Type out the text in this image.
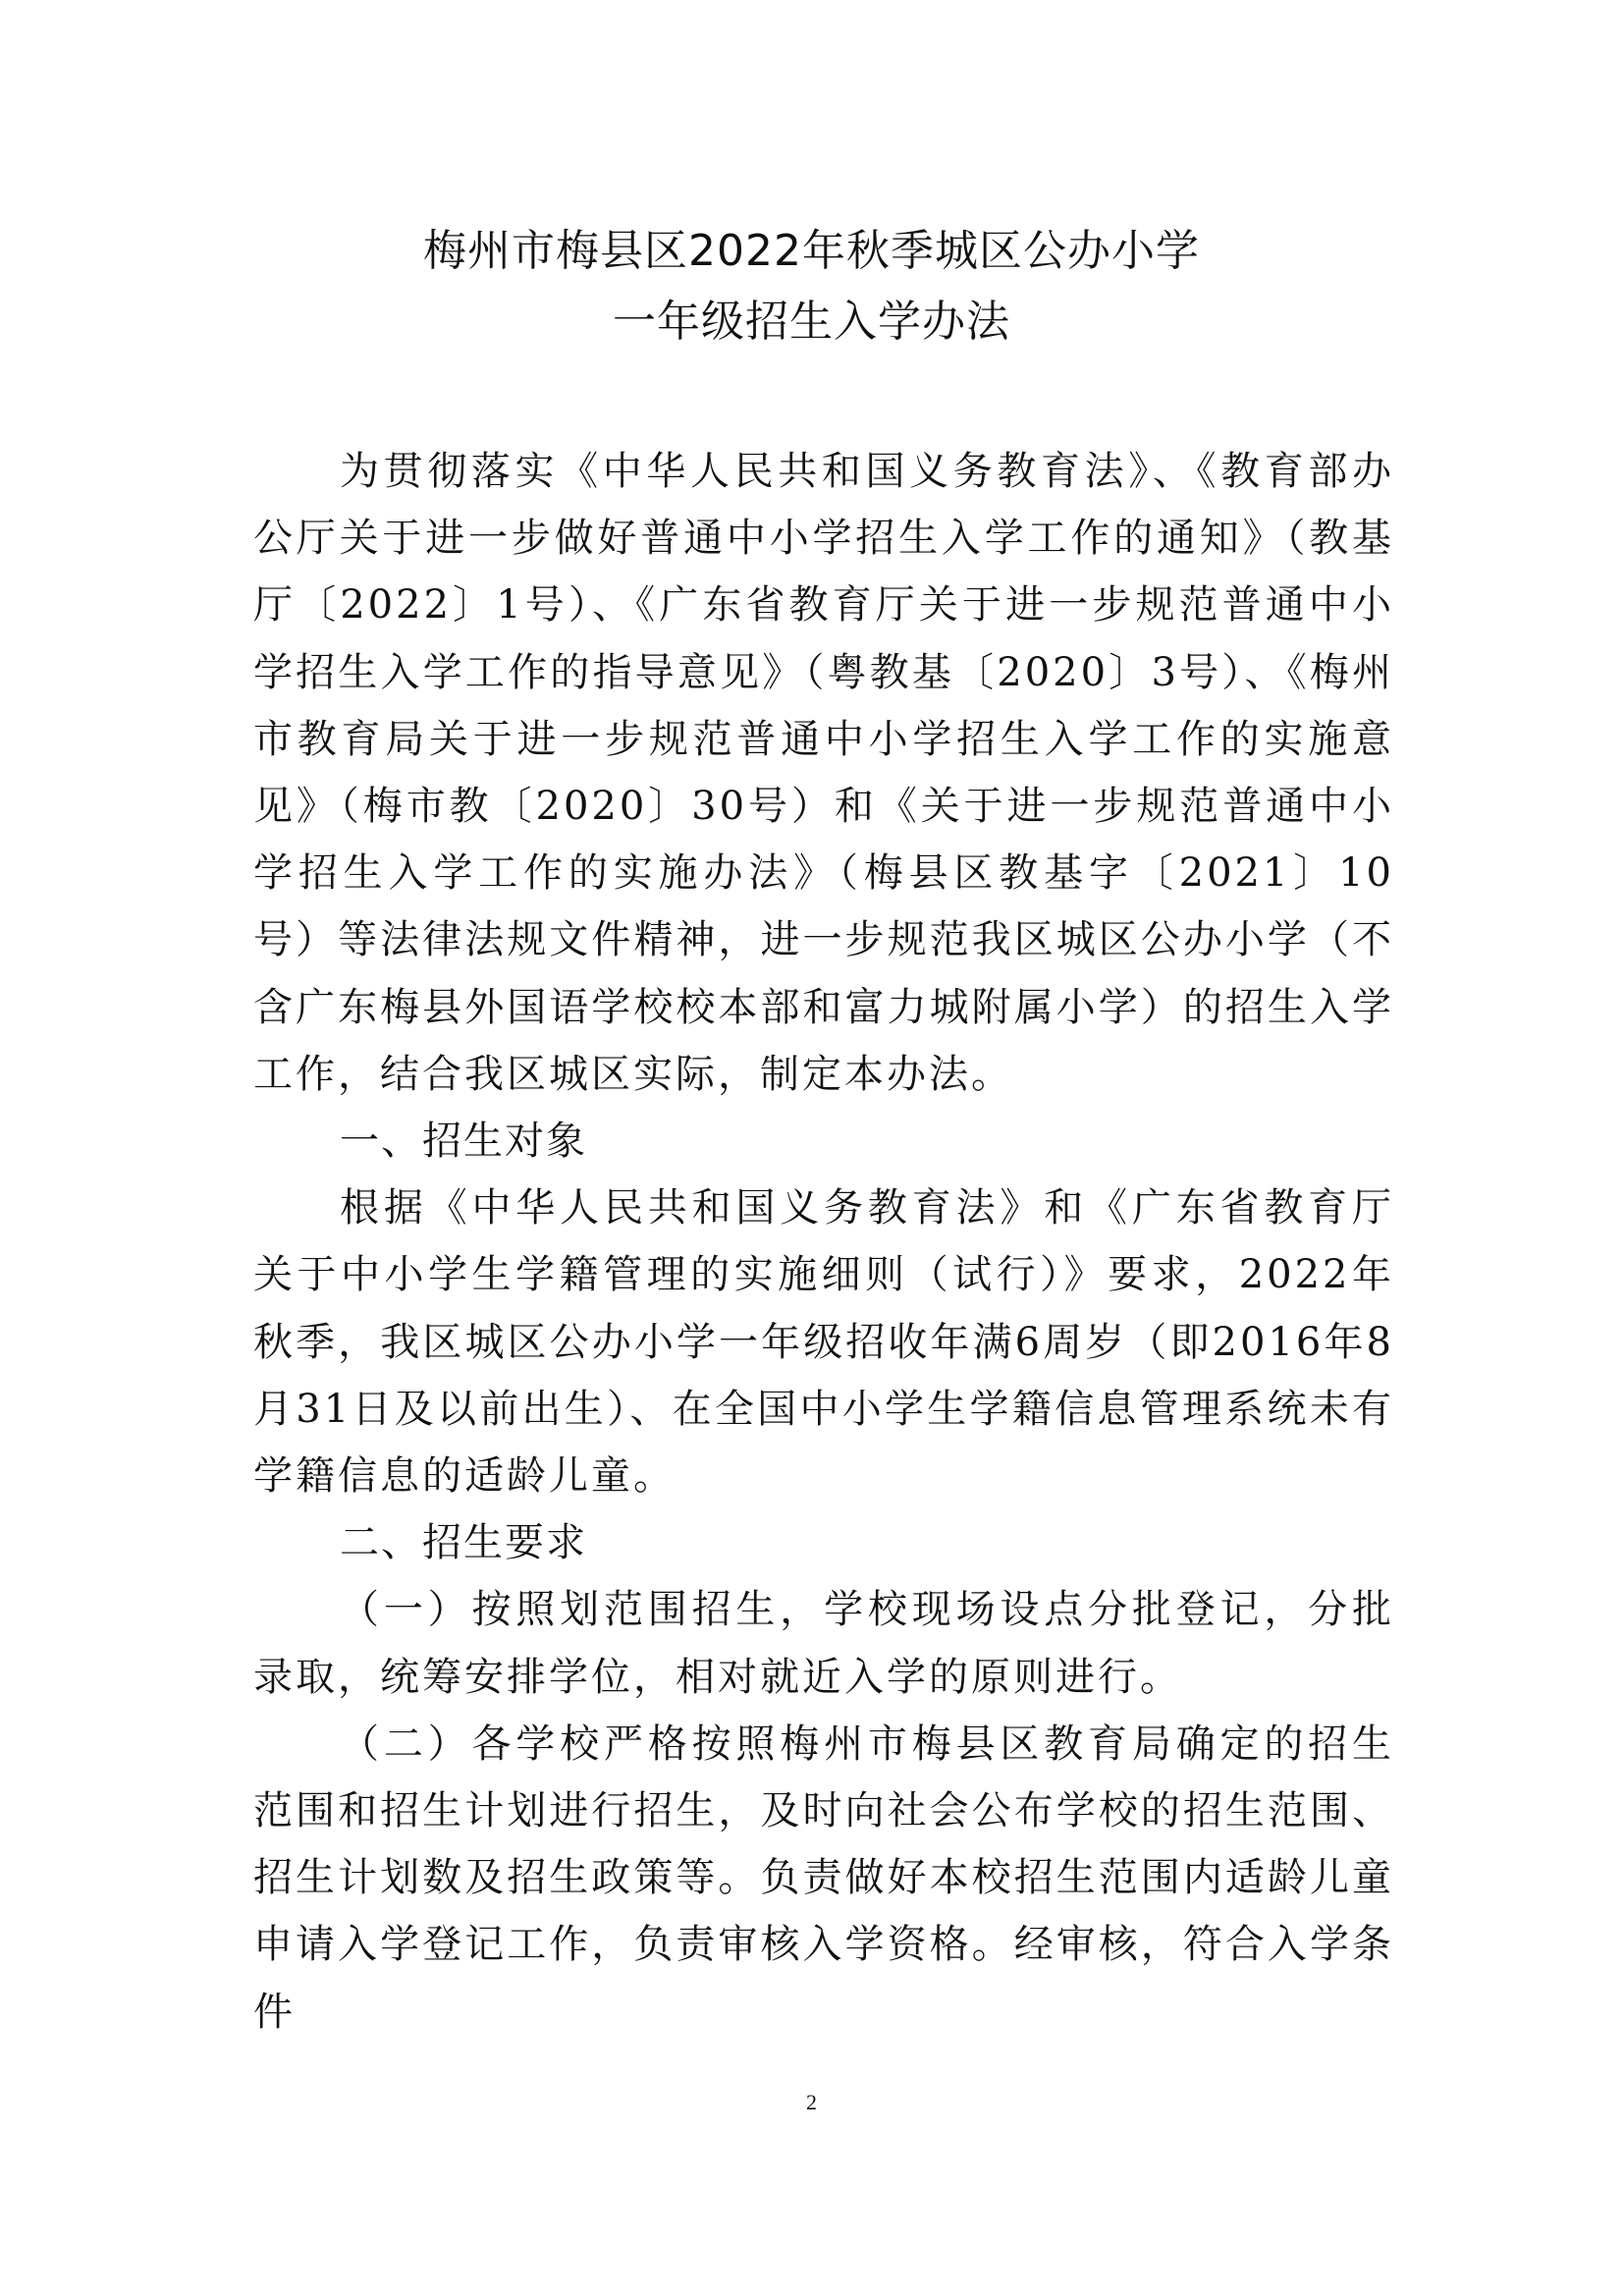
梅州市梅县区2022年秋季城区公办小学
一年级招生入学办法

为贯彻落实《中华人民共和国义务教育法》、《教育部办公厅关于进一步做好普通中小学招生入学工作的通知》（教基厅〔2022〕1号）、《广东省教育厅关于进一步规范普通中小学招生入学工作的指导意见》（粤教基〔2020〕3号）、《梅州市教育局关于进一步规范普通中小学招生入学工作的实施意见》（梅市教〔2020〕30号）和《关于进一步规范普通中小学招生入学工作的实施办法》（梅县区教基字〔2021〕10号）等法律法规文件精神，进一步规范我区城区公办小学（不含广东梅县外国语学校校本部和富力城附属小学）的招生入学工作，结合我区城区实际，制定本办法。

一、招生对象

根据《中华人民共和国义务教育法》和《广东省教育厅关于中小学生学籍管理的实施细则（试行）》要求，2022年秋季，我区城区公办小学一年级招收年满6周岁（即2016年8月31日及以前出生）、在全国中小学生学籍信息管理系统未有学籍信息的适龄儿童。

二、招生要求

（一）按照划范围招生，学校现场设点分批登记，分批录取，统筹安排学位，相对就近入学的原则进行。

（二）各学校严格按照梅州市梅县区教育局确定的招生范围和招生计划进行招生，及时向社会公布学校的招生范围、招生计划数及招生政策等。负责做好本校招生范围内适龄儿童申请入学登记工作，负责审核入学资格。经审核，符合入学条件

2
